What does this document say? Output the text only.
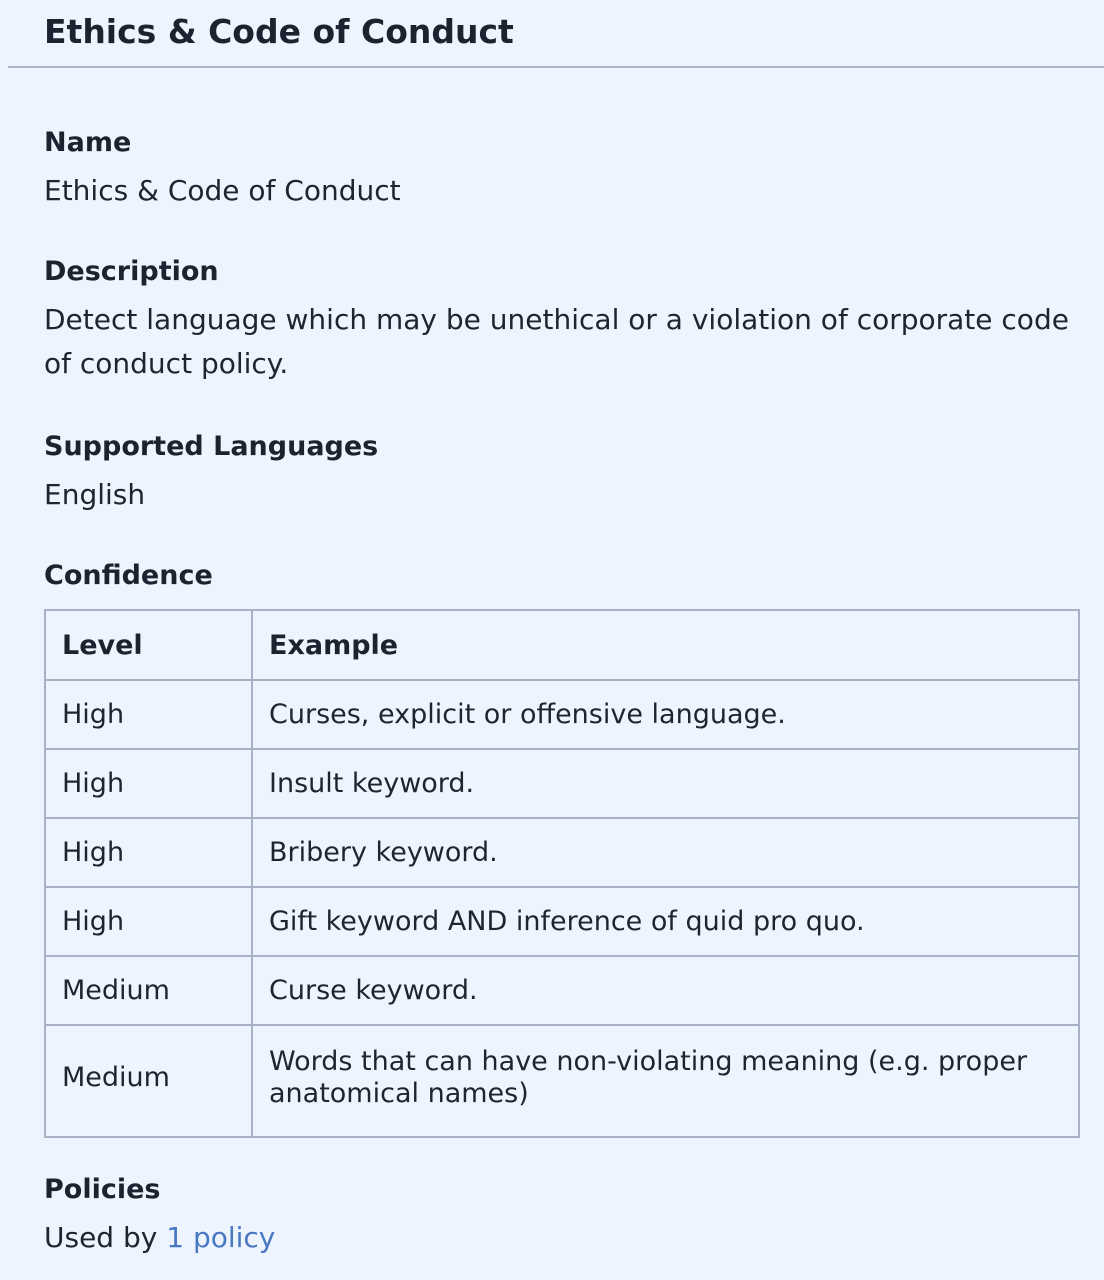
Ethics & Code of Conduct
Name
Ethics & Code of Conduct
Description
Detect language which may be unethical or a violation of corporate code of conduct policy.
Supported Languages
English
Confidence
Level	Example
High	Curses, explicit or offensive language.
High	Insult keyword.
High	Bribery keyword.
High	Gift keyword AND inference of quid pro quo.
Medium	Curse keyword.
Medium	Words that can have non-violating meaning (e.g. proper anatomical names)
Policies
Used by 1 policy
